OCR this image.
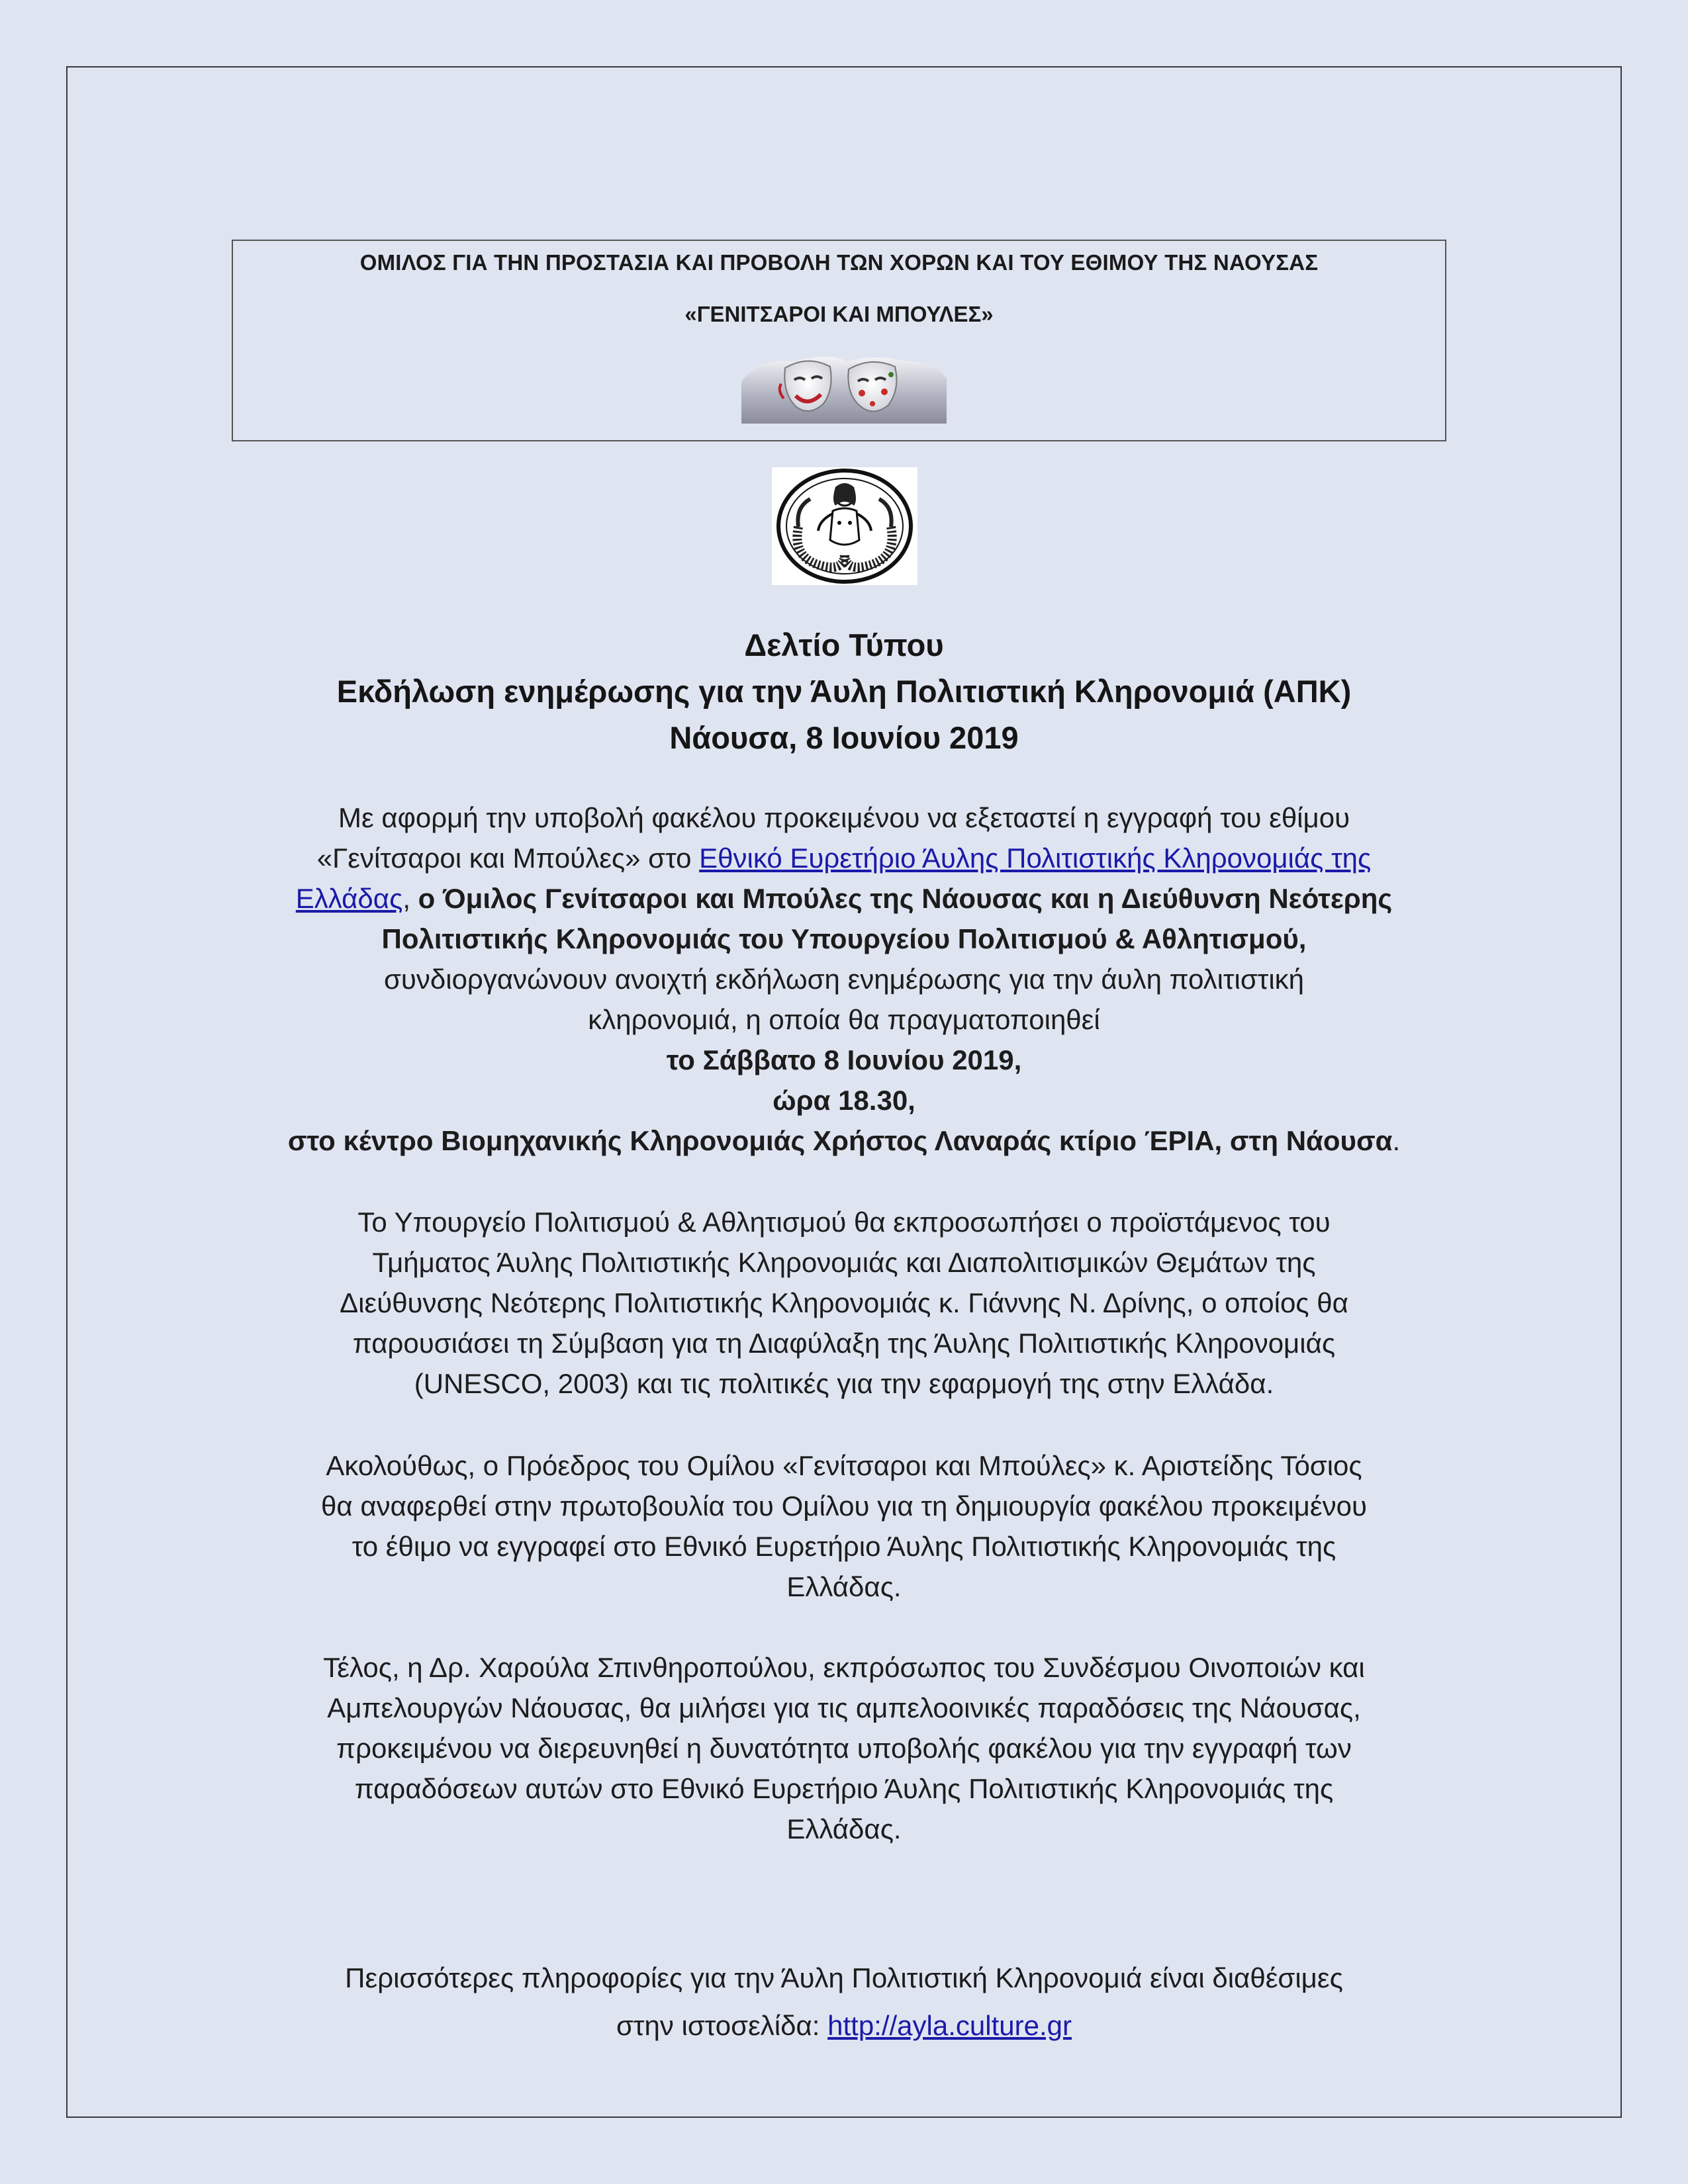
ΟΜΙΛΟΣ ΓΙΑ ΤΗΝ ΠΡΟΣΤΑΣΙΑ ΚΑΙ ΠΡΟΒΟΛΗ ΤΩΝ ΧΟΡΩΝ ΚΑΙ ΤΟΥ ΕΘΙΜΟΥ ΤΗΣ ΝΑΟΥΣΑΣ
«ΓΕΝΙΤΣΑΡΟΙ ΚΑΙ ΜΠΟΥΛΕΣ»
Δελτίο Τύπου
Εκδήλωση ενημέρωσης για την Άυλη Πολιτιστική Κληρονομιά (ΑΠΚ)
Νάουσα, 8 Ιουνίου 2019
Με αφορμή την υποβολή φακέλου προκειμένου να εξεταστεί η εγγραφή του εθίμου
«Γενίτσαροι και Μπούλες» στο Εθνικό Ευρετήριο Άυλης Πολιτιστικής Κληρονομιάς της
Ελλάδας, ο Όμιλος Γενίτσαροι και Μπούλες της Νάουσας και η Διεύθυνση Νεότερης
Πολιτιστικής Κληρονομιάς του Υπουργείου Πολιτισμού & Αθλητισμού,
συνδιοργανώνουν ανοιχτή εκδήλωση ενημέρωσης για την άυλη πολιτιστική
κληρονομιά, η οποία θα πραγματοποιηθεί
το Σάββατο 8 Ιουνίου 2019,
ώρα 18.30,
στο κέντρο Βιομηχανικής Κληρονομιάς Χρήστος Λαναράς κτίριο ΈΡΙΑ, στη Νάουσα.
Το Υπουργείο Πολιτισμού & Αθλητισμού θα εκπροσωπήσει ο προϊστάμενος του
Τμήματος Άυλης Πολιτιστικής Κληρονομιάς και Διαπολιτισμικών Θεμάτων της
Διεύθυνσης Νεότερης Πολιτιστικής Κληρονομιάς κ. Γιάννης Ν. Δρίνης, ο οποίος θα
παρουσιάσει τη Σύμβαση για τη Διαφύλαξη της Άυλης Πολιτιστικής Κληρονομιάς
(UNESCO, 2003) και τις πολιτικές για την εφαρμογή της στην Ελλάδα.
Ακολούθως, ο Πρόεδρος του Ομίλου «Γενίτσαροι και Μπούλες» κ. Αριστείδης Τόσιος
θα αναφερθεί στην πρωτοβουλία του Ομίλου για τη δημιουργία φακέλου προκειμένου
το έθιμο να εγγραφεί στο Εθνικό Ευρετήριο Άυλης Πολιτιστικής Κληρονομιάς της
Ελλάδας.
Τέλος, η Δρ. Χαρούλα Σπινθηροπούλου, εκπρόσωπος του Συνδέσμου Οινοποιών και
Αμπελουργών Νάουσας, θα μιλήσει για τις αμπελοοινικές παραδόσεις της Νάουσας,
προκειμένου να διερευνηθεί η δυνατότητα υποβολής φακέλου για την εγγραφή των
παραδόσεων αυτών στο Εθνικό Ευρετήριο Άυλης Πολιτιστικής Κληρονομιάς της
Ελλάδας.
Περισσότερες πληροφορίες για την Άυλη Πολιτιστική Κληρονομιά είναι διαθέσιμες
στην ιστοσελίδα: http://ayla.culture.gr
